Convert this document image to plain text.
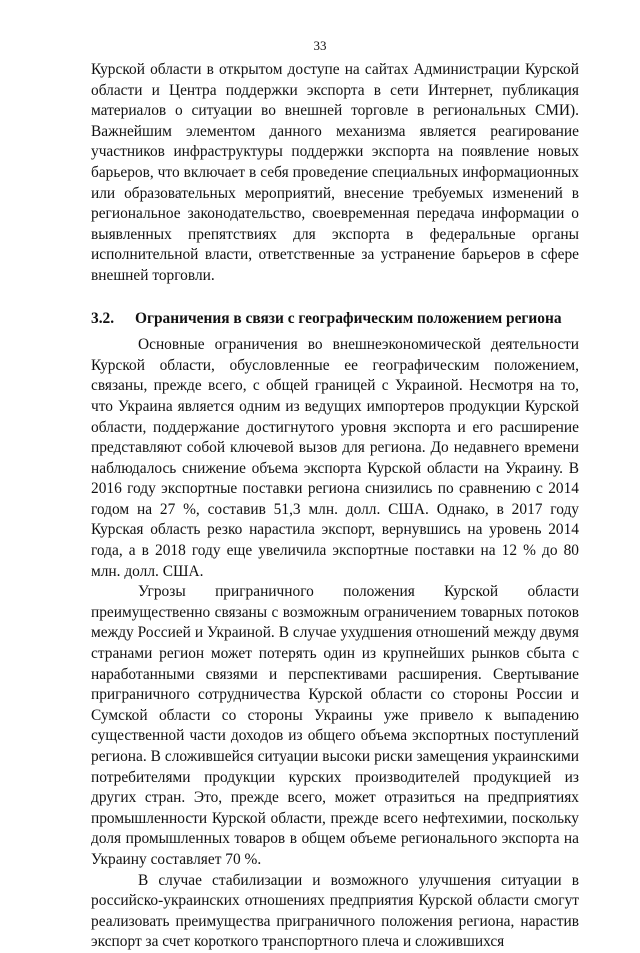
33

Курской области в открытом доступе на сайтах Администрации Курской области и Центра поддержки экспорта в сети Интернет, публикация материалов о ситуации во внешней торговле в региональных СМИ). Важнейшим элементом данного механизма является реагирование участников инфраструктуры поддержки экспорта на появление новых барьеров, что включает в себя проведение специальных информационных или образовательных мероприятий, внесение требуемых изменений в региональное законодательство, своевременная передача информации о выявленных препятствиях для экспорта в федеральные органы исполнительной власти, ответственные за устранение барьеров в сфере внешней торговли.

3.2.	Ограничения в связи с географическим положением региона

Основные ограничения во внешнеэкономической деятельности Курской области, обусловленные ее географическим положением, связаны, прежде всего, с общей границей с Украиной. Несмотря на то, что Украина является одним из ведущих импортеров продукции Курской области, поддержание достигнутого уровня экспорта и его расширение представляют собой ключевой вызов для региона. До недавнего времени наблюдалось снижение объема экспорта Курской области на Украину. В 2016 году экспортные поставки региона снизились по сравнению с 2014 годом на 27 %, составив 51,3 млн. долл. США. Однако, в 2017 году Курская область резко нарастила экспорт, вернувшись на уровень 2014 года, а в 2018 году еще увеличила экспортные поставки на 12 % до 80 млн. долл. США.

Угрозы приграничного положения Курской области преимущественно связаны с возможным ограничением товарных потоков между Россией и Украиной. В случае ухудшения отношений между двумя странами регион может потерять один из крупнейших рынков сбыта с наработанными связями и перспективами расширения. Свертывание приграничного сотрудничества Курской области со стороны России и Сумской области со стороны Украины уже привело к выпадению существенной части доходов из общего объема экспортных поступлений региона. В сложившейся ситуации высоки риски замещения украинскими потребителями продукции курских производителей продукцией из других стран. Это, прежде всего, может отразиться на предприятиях промышленности Курской области, прежде всего нефтехимии, поскольку доля промышленных товаров в общем объеме регионального экспорта на Украину составляет 70 %.

В случае стабилизации и возможного улучшения ситуации в российско-украинских отношениях предприятия Курской области смогут реализовать преимущества приграничного положения региона, нарастив экспорт за счет короткого транспортного плеча и сложившихся
